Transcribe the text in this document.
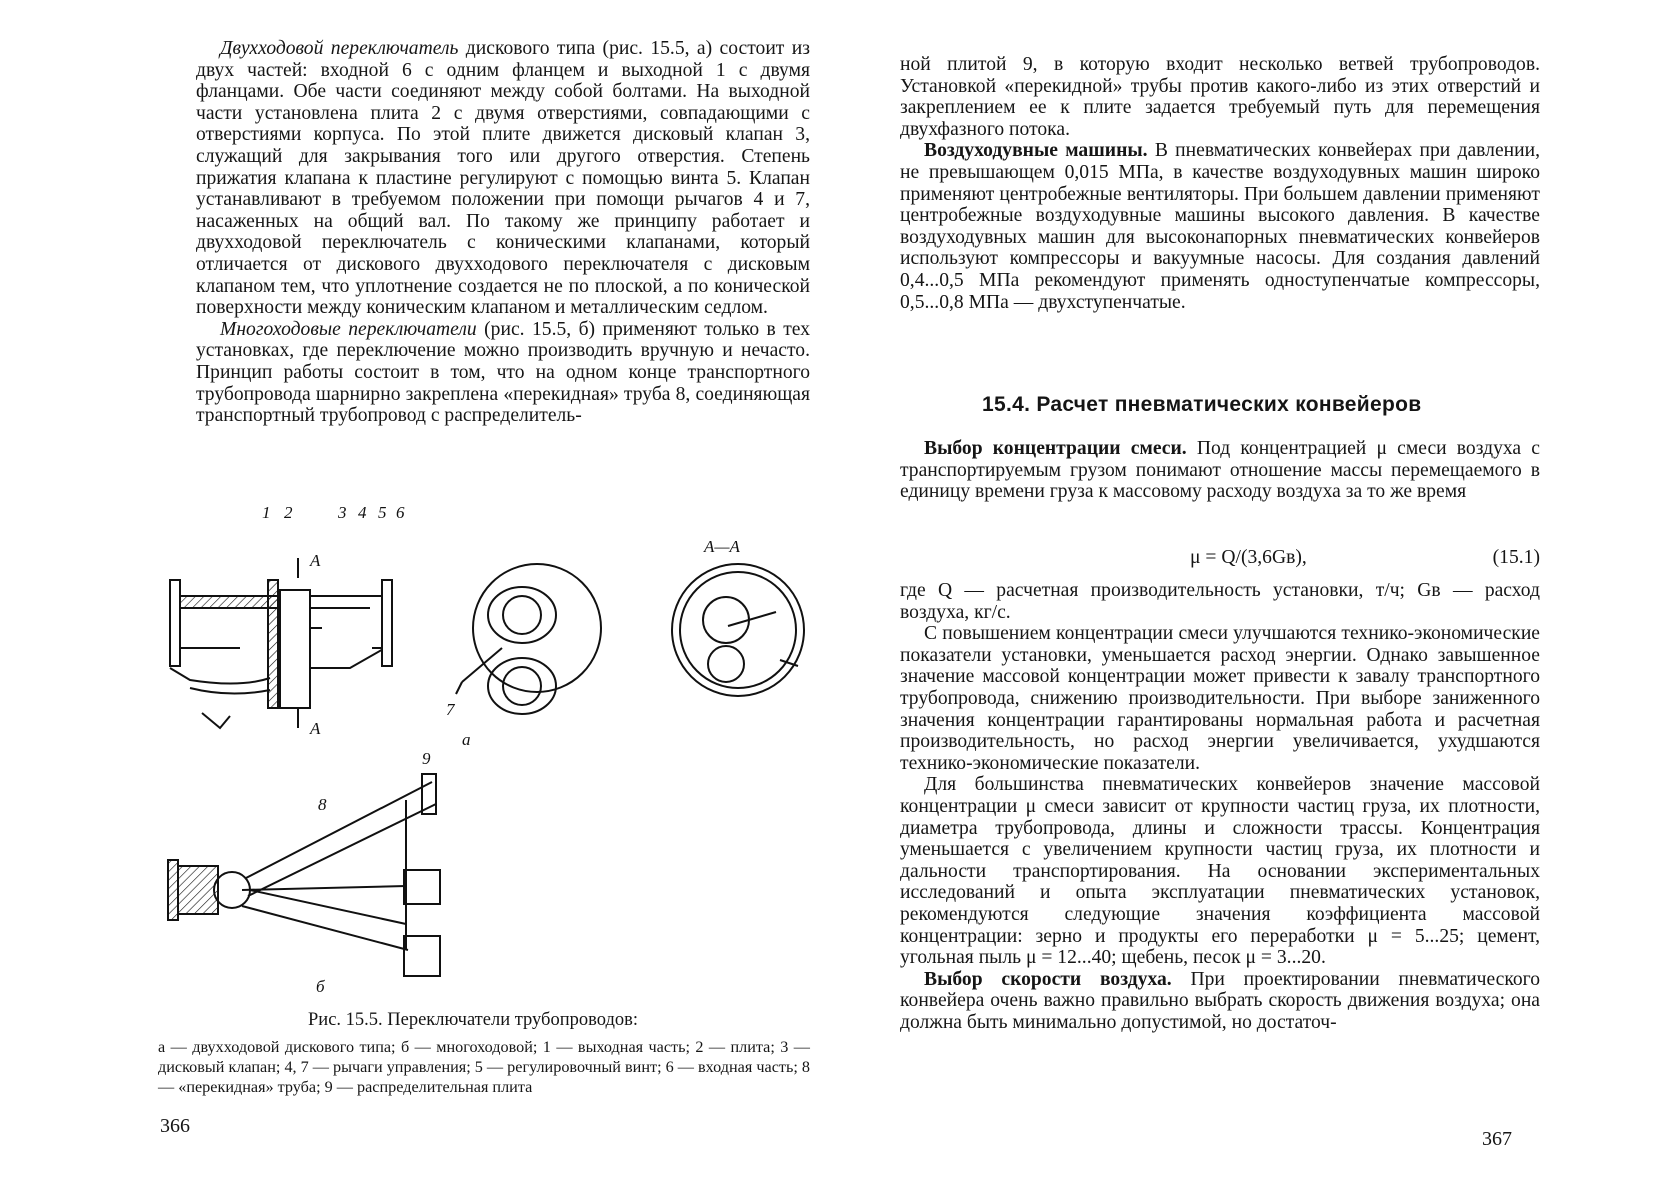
Двухходовой переключатель дискового типа (рис. 15.5, а) состоит из двух частей: входной 6 с одним фланцем и выходной 1 с двумя фланцами. Обе части соединяют между собой болтами. На выходной части установлена плита 2 с двумя отверстиями, совпадающими с отверстиями корпуса. По этой плите движется дисковый клапан 3, служащий для закрывания того или другого отверстия. Степень прижатия клапана к пластине регулируют с помощью винта 5. Клапан устанавливают в требуемом положении при помощи рычагов 4 и 7, насаженных на общий вал. По такому же принципу работает и двухходовой переключатель с коническими клапанами, который отличается от дискового двухходового переключателя с дисковым клапаном тем, что уплотнение создается не по плоской, а по конической поверхности между коническим клапаном и металлическим седлом.

Многоходовые переключатели (рис. 15.5, б) применяют только в тех установках, где переключение можно производить вручную и нечасто. Принцип работы состоит в том, что на одном конце транспортного трубопровода шарнирно закреплена «перекидная» труба 8, соединяющая транспортный трубопровод с распределитель-

1 2	3 4 5 6
A
A
7
а
A—A
8
9
б
Рис. 15.5. Переключатели трубопроводов:
а — двухходовой дискового типа; б — многоходовой; 1 — выходная часть; 2 — плита; 3 — дисковый клапан; 4, 7 — рычаги управления; 5 — регулировочный винт; 6 — входная часть; 8 — «перекидная» труба; 9 — распределительная плита
366

ной плитой 9, в которую входит несколько ветвей трубопроводов. Установкой «перекидной» трубы против какого-либо из этих отверстий и закреплением ее к плите задается требуемый путь для перемещения двухфазного потока.

Воздуходувные машины. В пневматических конвейерах при давлении, не превышающем 0,015 МПа, в качестве воздуходувных машин широко применяют центробежные вентиляторы. При большем давлении применяют центробежные воздуходувные машины высокого давления. В качестве воздуходувных машин для высоконапорных пневматических конвейеров используют компрессоры и вакуумные насосы. Для создания давлений 0,4...0,5 МПа рекомендуют применять одноступенчатые компрессоры, 0,5...0,8 МПа — двухступенчатые.

15.4. Расчет пневматических конвейеров

Выбор концентрации смеси. Под концентрацией μ смеси воздуха с транспортируемым грузом понимают отношение массы перемещаемого в единицу времени груза к массовому расходу воздуха за то же время

μ = Q/(3,6Gв),	(15.1)

где Q — расчетная производительность установки, т/ч; Gв — расход воздуха, кг/с.

С повышением концентрации смеси улучшаются технико-экономические показатели установки, уменьшается расход энергии. Однако завышенное значение массовой концентрации может привести к завалу транспортного трубопровода, снижению производительности. При выборе заниженного значения концентрации гарантированы нормальная работа и расчетная производительность, но расход энергии увеличивается, ухудшаются технико-экономические показатели.

Для большинства пневматических конвейеров значение массовой концентрации μ смеси зависит от крупности частиц груза, их плотности, диаметра трубопровода, длины и сложности трассы. Концентрация уменьшается с увеличением крупности частиц груза, их плотности и дальности транспортирования. На основании экспериментальных исследований и опыта эксплуатации пневматических установок, рекомендуются следующие значения коэффициента массовой концентрации: зерно и продукты его переработки μ = 5...25; цемент, угольная пыль μ = 12...40; щебень, песок μ = 3...20.

Выбор скорости воздуха. При проектировании пневматического конвейера очень важно правильно выбрать скорость движения воздуха; она должна быть минимально допустимой, но достаточ-

367
